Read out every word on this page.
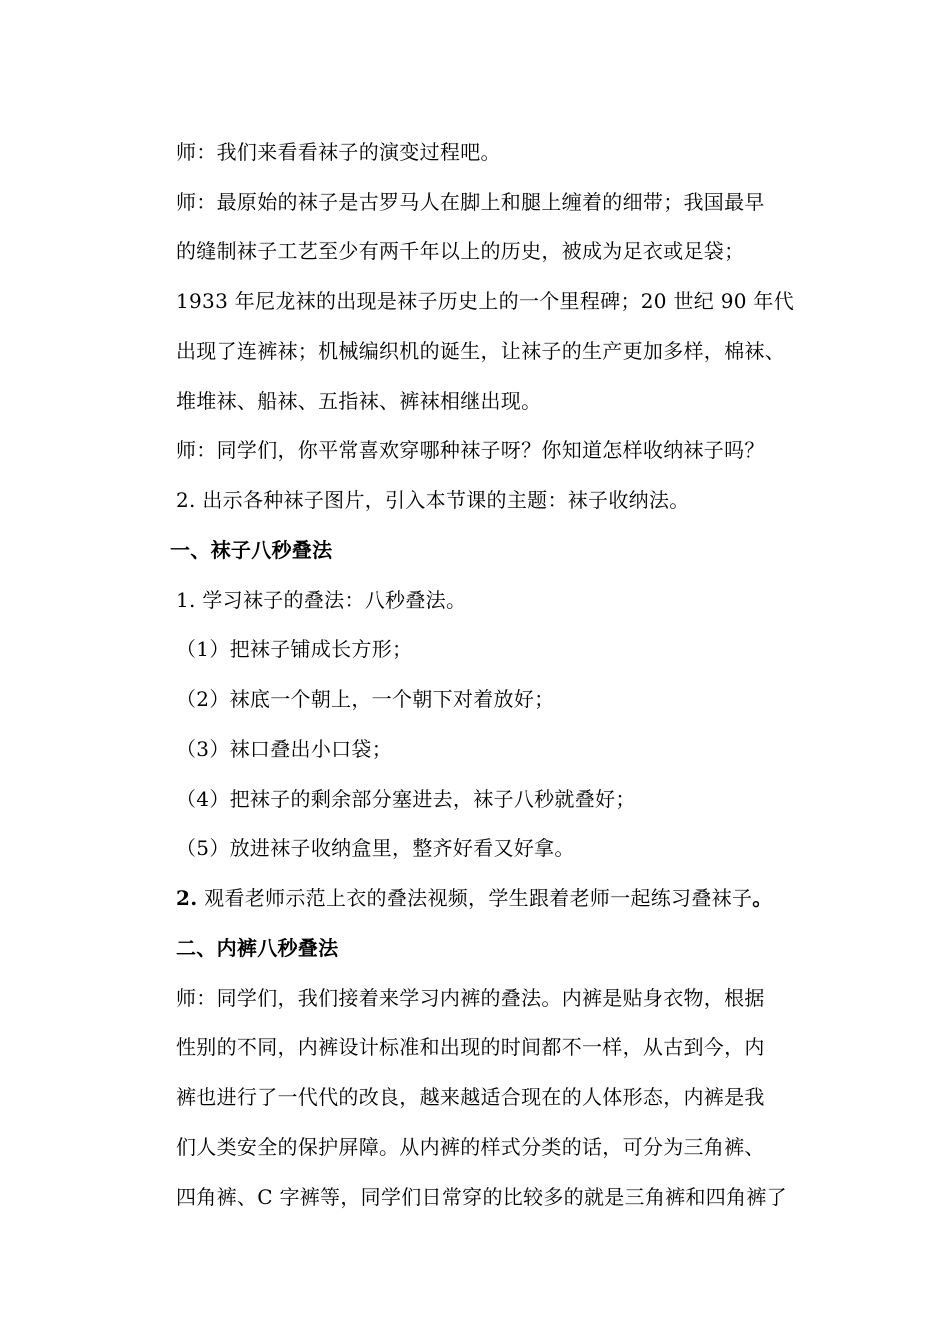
师：我们来看看袜子的演变过程吧。
师：最原始的袜子是古罗马人在脚上和腿上缠着的细带；我国最早
的缝制袜子工艺至少有两千年以上的历史，被成为足衣或足袋；
1933 年尼龙袜的出现是袜子历史上的一个里程碑；20 世纪 90 年代
出现了连裤袜；机械编织机的诞生，让袜子的生产更加多样，棉袜、
堆堆袜、船袜、五指袜、裤袜相继出现。
师：同学们，你平常喜欢穿哪种袜子呀？你知道怎样收纳袜子吗？
2. 出示各种袜子图片，引入本节课的主题：袜子收纳法。
一、袜子八秒叠法
1. 学习袜子的叠法：八秒叠法。
（1）把袜子铺成长方形；
（2）袜底一个朝上，一个朝下对着放好；
（3）袜口叠出小口袋；
（4）把袜子的剩余部分塞进去，袜子八秒就叠好；
（5）放进袜子收纳盒里，整齐好看又好拿。
2. 观看老师示范上衣的叠法视频，学生跟着老师一起练习叠袜子。
二、内裤八秒叠法
师：同学们，我们接着来学习内裤的叠法。内裤是贴身衣物，根据
性别的不同，内裤设计标准和出现的时间都不一样，从古到今，内
裤也进行了一代代的改良，越来越适合现在的人体形态，内裤是我
们人类安全的保护屏障。从内裤的样式分类的话，可分为三角裤、
四角裤、C 字裤等，同学们日常穿的比较多的就是三角裤和四角裤了
